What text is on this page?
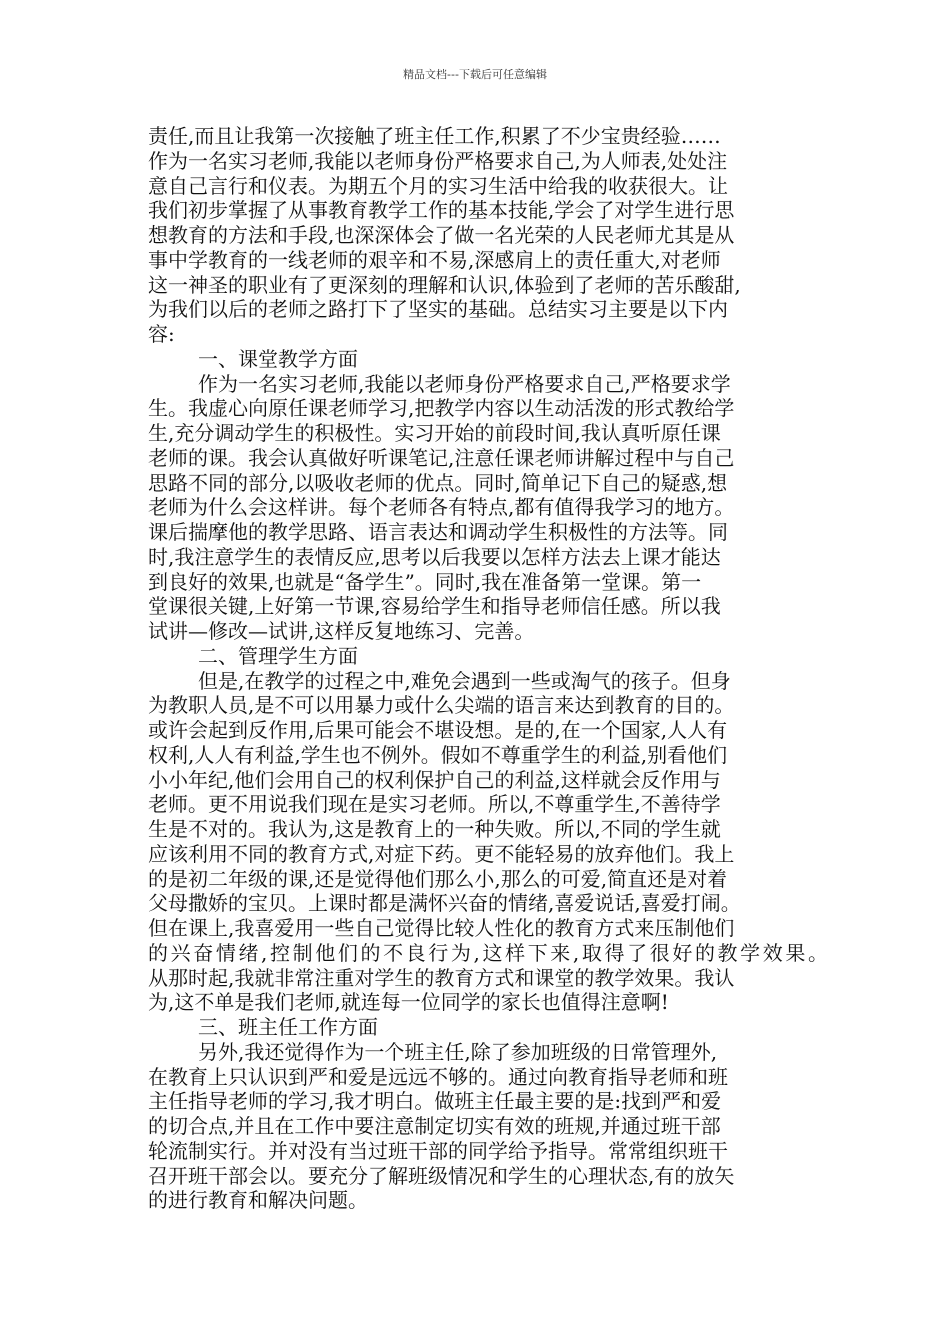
精品文档---下载后可任意编辑
责任,而且让我第一次接触了班主任工作,积累了不少宝贵经验……
作为一名实习老师,我能以老师身份严格要求自己,为人师表,处处注
意自己言行和仪表。为期五个月的实习生活中给我的收获很大。让
我们初步掌握了从事教育教学工作的基本技能,学会了对学生进行思
想教育的方法和手段,也深深体会了做一名光荣的人民老师尤其是从
事中学教育的一线老师的艰辛和不易,深感肩上的责任重大,对老师
这一神圣的职业有了更深刻的理解和认识,体验到了老师的苦乐酸甜,
为我们以后的老师之路打下了坚实的基础。总结实习主要是以下内
容:
一、课堂教学方面
作为一名实习老师,我能以老师身份严格要求自己,严格要求学
生。我虚心向原任课老师学习,把教学内容以生动活泼的形式教给学
生,充分调动学生的积极性。实习开始的前段时间,我认真听原任课
老师的课。我会认真做好听课笔记,注意任课老师讲解过程中与自己
思路不同的部分,以吸收老师的优点。同时,简单记下自己的疑惑,想
老师为什么会这样讲。每个老师各有特点,都有值得我学习的地方。
课后揣摩他的教学思路、语言表达和调动学生积极性的方法等。同
时,我注意学生的表情反应,思考以后我要以怎样方法去上课才能达
到良好的效果,也就是“备学生”。同时,我在准备第一堂课。第一
堂课很关键,上好第一节课,容易给学生和指导老师信任感。所以我
试讲—修改—试讲,这样反复地练习、完善。
二、管理学生方面
但是,在教学的过程之中,难免会遇到一些或淘气的孩子。但身
为教职人员,是不可以用暴力或什么尖端的语言来达到教育的目的。
或许会起到反作用,后果可能会不堪设想。是的,在一个国家,人人有
权利,人人有利益,学生也不例外。假如不尊重学生的利益,别看他们
小小年纪,他们会用自己的权利保护自己的利益,这样就会反作用与
老师。更不用说我们现在是实习老师。所以,不尊重学生,不善待学
生是不对的。我认为,这是教育上的一种失败。所以,不同的学生就
应该利用不同的教育方式,对症下药。更不能轻易的放弃他们。我上
的是初二年级的课,还是觉得他们那么小,那么的可爱,简直还是对着
父母撒娇的宝贝。上课时都是满怀兴奋的情绪,喜爱说话,喜爱打闹。
但在课上,我喜爱用一些自己觉得比较人性化的教育方式来压制他们
的兴奋情绪,控制他们的不良行为,这样下来,取得了很好的教学效果。
从那时起,我就非常注重对学生的教育方式和课堂的教学效果。我认
为,这不单是我们老师,就连每一位同学的家长也值得注意啊!
三、班主任工作方面
另外,我还觉得作为一个班主任,除了参加班级的日常管理外,
在教育上只认识到严和爱是远远不够的。通过向教育指导老师和班
主任指导老师的学习,我才明白。做班主任最主要的是:找到严和爱
的切合点,并且在工作中要注意制定切实有效的班规,并通过班干部
轮流制实行。并对没有当过班干部的同学给予指导。常常组织班干
召开班干部会以。要充分了解班级情况和学生的心理状态,有的放矢
的进行教育和解决问题。
